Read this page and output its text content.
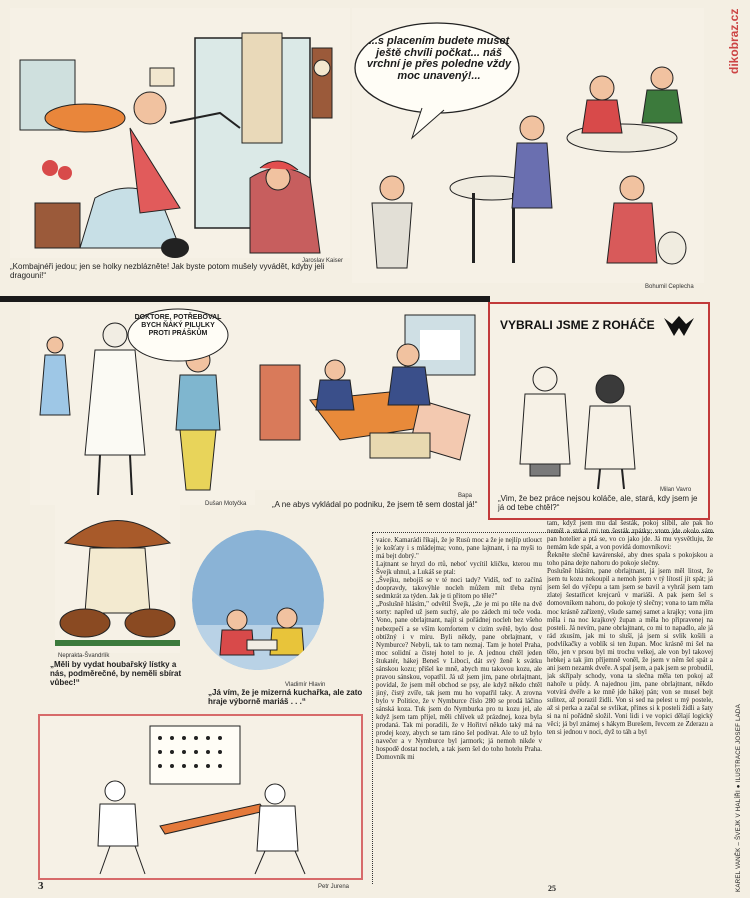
dikobraz.cz
KAREL VANĚK – ŠVEJK V HALÍŘI ● ILUSTRACE JOSEF LADA
„Kombajnéři jedou; jen se holky nezblázněte! Jak byste potom mušely vyvádět, kdyby jeli dragouni!“
Jaroslav Kaiser
...s placením budete muset ještě chvíli počkat... náš vrchní je přes poledne vždy moc unavený!...
Bohumil Ceplecha
DOKTORE, POTŘEBOVAL BYCH ŇÁKÝ PILULKY PROTI PRÁŠKŮM
Dušan Motyčka
Bapa
„A ne abys vykládal po podniku, že jsem tě sem dostal já!“
VYBRALI JSME Z ROHÁČE
Milan Vavro
„Vim, že bez práce nejsou koláče, ale, stará, kdy jsem je já od tebe chtěl?“
Neprakta-Švandrlík
„Měli by vydat houbařský lístky a nás, podměrečné, by neměli sbírat vůbec!“	Vladimír Hlavin
„Já vím, že je mizerná kuchařka, ale zato hraje výborně mariáš . . .“
Petr Jurena
3	25
vaice. Kamarádi říkaji, že je Rusů moc a že je nejlíp utlouct je košťaty i s mládejma; vono, pane lajtnant, i na myši to má bejt dobrý."
Lajtnant se hryzl do rtů, neboť vycítil kličku, kterou mu Švejk uhnul, a Lukáš se ptal:
„Švejku, nebojíš se v té noci tady? Vidíš, teď to začíná doopravdy, takovýhle nocleh můžem mít třeba nyní sedmkrát za týden. Jak je ti přitom po těle?"
„Poslušně hlásím," odvětil Švejk, „že je mi po těle na dvě sorty: napřed už jsem suchý, ale po zádech mi teče voda. Vono, pane obrlajtnant, najít si pořádnej nocleh bez všeho nebezpečí a se vším komfortem v cizím světě, bylo dost obtížný i v míru. Byli někdy, pane obrlajtnant, v Nymburce? Nebyli, tak to tam neznaj. Tam je hotel Praha, moc solidní a čistej hotel to je. A jednou chtěl jeden štukatér, hákej Beneš v Libocí, dát svý ženě k svátku sánskou kozu; přišel ke mně, abych mu takovou kozu, ale pravou sánskou, vopatřil. Já už jsem jim, pane obrlajtnant, povídal, že jsem měl obchod se psy, ale když někdo chtěl jiný, čistý zvíře, tak jsem mu ho vopatřil taky. A zrovna bylo v Politice, že v Nymburce číslo 280 se prodá láčino sánská koza. Tuk jsem do Nymburka pro tu kozu jel, ale když jsem tam přijel, měli chlívek už prázdnej, koza byla prodaná. Tak mi poradili, že v Hořitví někdo taký má na prodej kozy, abych se tam ráno šel podívat. Ale to už bylo navečer a v Nymburce byl jarmork; já nemoh nikde v hospodě dostat nocleh, a tak jsem šel do toho hotelu Praha. Domovník mi
tam, když jsem mu dal šesták, pokoj slíbil, ale pak ho neměl a strkal mi ten šesták zpátky; vtom jde okolo sám pan hotelier a ptá se, vo co jako jde. Já mu vysvětluju, že nemám kde spát, a von povídá domovníkovi:
Řekněte slečně kavárenské, aby dnes spala s pokojskou a toho pána dejte nahoru do pokoje slečny.
Poslušně hlásím, pane obrlajtnant, já jsem měl litost, že jsem tu kozu nekoupil a nemoh jsem v tý lítostí jít spát; já jsem šel do výčepu a tam jsem se bavil a vyhrál jsem tam zlatej šestatřicet krejcarů v mariáši. A pak jsem šel s domovníkem nahoru, do pokoje tý slečny; vona to tam měla moc krásně zařízený, všude samej samet a krajky; vona jim měla i na noc krajkový župan a měla ho připravenej na posteli. Já nevím, pane obrlajtnant, co mi to napadlo, ale já rád zkusím, jak mi to sluší, já jsem si svlík košili a podvlíkačky a voblík si ten župan. Moc krásně mi šel na tělo, jen v prsou byl mi trochu velkej, ale von byl takovej hebkej a tak jim příjemně voněl, že jsem v něm šel spát a ani jsem nezamk dveře. A spal jsem, a pak jsem se probudil, jak skřípaly schody, vona ta slečna měla ten pokoj až nahoře u půdy. A najednou jim, pane obrlajtnant, někdo votvírá dvéře a ke mně jde hákej pán; von se musel bejt sulitez, až porazil židli. Von si sed na pelest u mý postele, až si perka a začal se svlíkat, přines si k posteli židli a šaty si na ní pořádně složil. Voni lidi i ve vopici dělají logický věci; já byl známej s hákym Burešem, řevcem ze Zderazu a ten si jednou v noci, dyž to táh a byl
